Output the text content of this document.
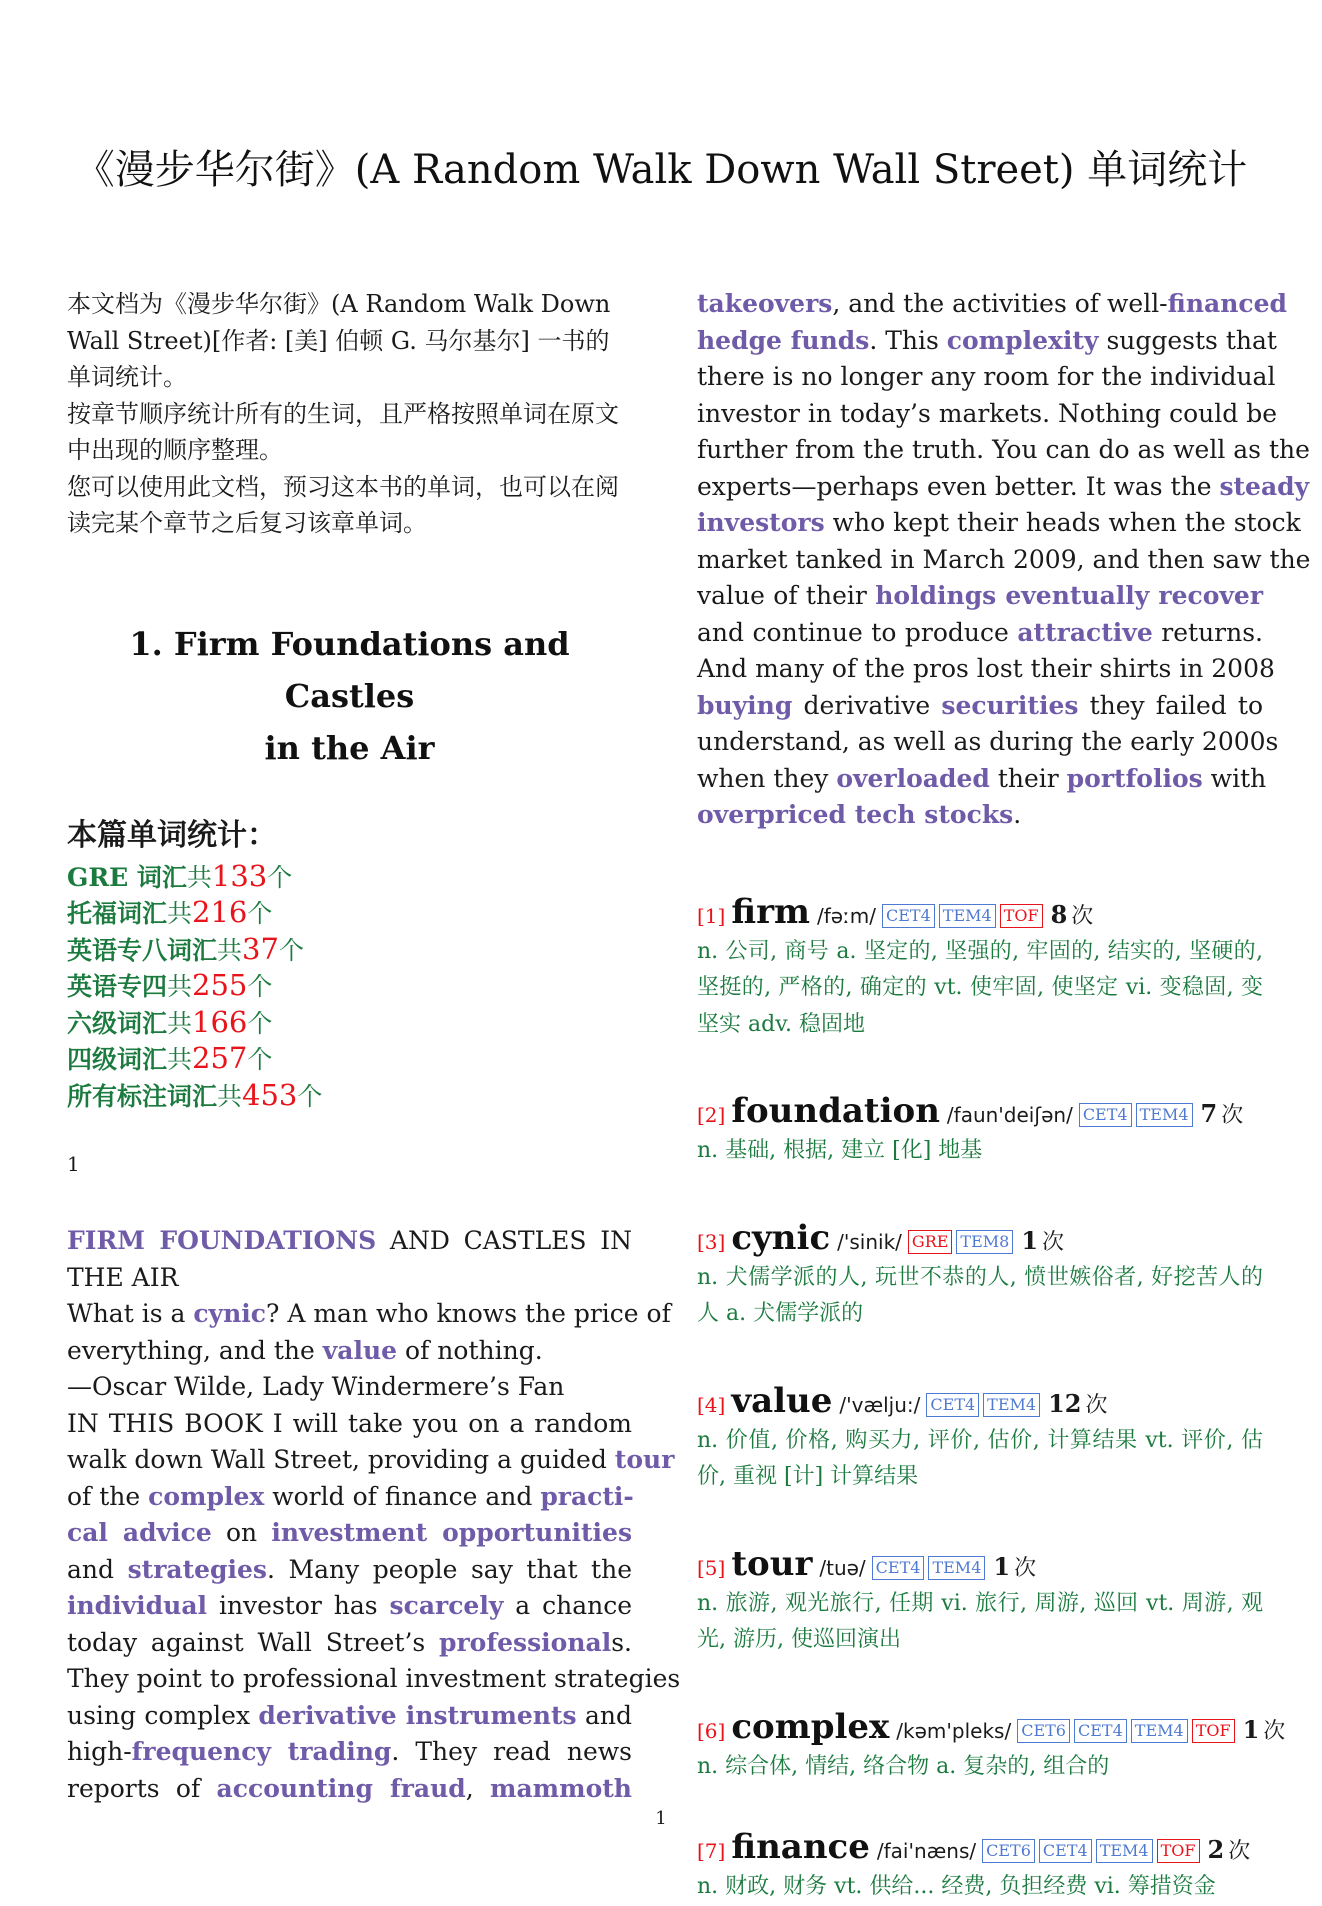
《漫步华尔街》(A Random Walk Down Wall Street) 单词统计

本文档为《漫步华尔街》(A Random Walk Down Wall Street)[作者: [美] 伯顿 G. 马尔基尔] 一书的单词统计。

按章节顺序统计所有的生词，且严格按照单词在原文中出现的顺序整理。

您可以使用此文档，预习这本书的单词，也可以在阅读完某个章节之后复习该章单词。

1. Firm Foundations and Castles
in the Air
本篇单词统计：
GRE 词汇共133个
托福词汇共216个
英语专八词汇共37个
英语专四共255个
六级词汇共166个
四级词汇共257个
所有标注词汇共453个
1
FIRM FOUNDATIONS AND CASTLES IN
THE AIR
What is a cynic? A man who knows the price of
everything, and the value of nothing.
—Oscar Wilde, Lady Windermere’s Fan
IN THIS BOOK I will take you on a random
walk down Wall Street, providing a guided tour
of the complex world of finance and practi-
cal advice on investment opportunities
and strategies. Many people say that the
individual investor has scarcely a chance
today against Wall Street’s professionals.
They point to professional investment strategies
using complex derivative instruments and
high-frequency trading. They read news
reports of accounting fraud, mammoth
takeovers, and the activities of well-financed
hedge funds. This complexity suggests that
there is no longer any room for the individual
investor in today’s markets. Nothing could be
further from the truth. You can do as well as the
experts—perhaps even better. It was the steady
investors who kept their heads when the stock
market tanked in March 2009, and then saw the
value of their holdings eventually recover
and continue to produce attractive returns.
And many of the pros lost their shirts in 2008
buying derivative securities they failed to
understand, as well as during the early 2000s
when they overloaded their portfolios with
overpriced tech stocks.
[1] firm /fəːm/ CET4 TEM4 TOF 8 次
n. 公司, 商号 a. 坚定的, 坚强的, 牢固的, 结实的, 坚硬的, 坚挺的, 严格的, 确定的 vt. 使牢固, 使坚定 vi. 变稳固, 变坚实 adv. 稳固地
[2] foundation /faun'deiʃən/ CET4 TEM4 7 次
n. 基础, 根据, 建立 [化] 地基
[3] cynic /'sinik/ GRE TEM8 1 次
n. 犬儒学派的人, 玩世不恭的人, 愤世嫉俗者, 好挖苦人的人 a. 犬儒学派的
[4] value /'vælju:/ CET4 TEM4 12 次
n. 价值, 价格, 购买力, 评价, 估价, 计算结果 vt. 评价, 估价, 重视 [计] 计算结果
[5] tour /tuə/ CET4 TEM4 1 次
n. 旅游, 观光旅行, 任期 vi. 旅行, 周游, 巡回 vt. 周游, 观光, 游历, 使巡回演出
[6] complex /kəm'pleks/ CET6 CET4 TEM4 TOF 1 次
n. 综合体, 情结, 络合物 a. 复杂的, 组合的
[7] finance /fai'næns/ CET6 CET4 TEM4 TOF 2 次
n. 财政, 财务 vt. 供给... 经费, 负担经费 vi. 筹措资金
1
